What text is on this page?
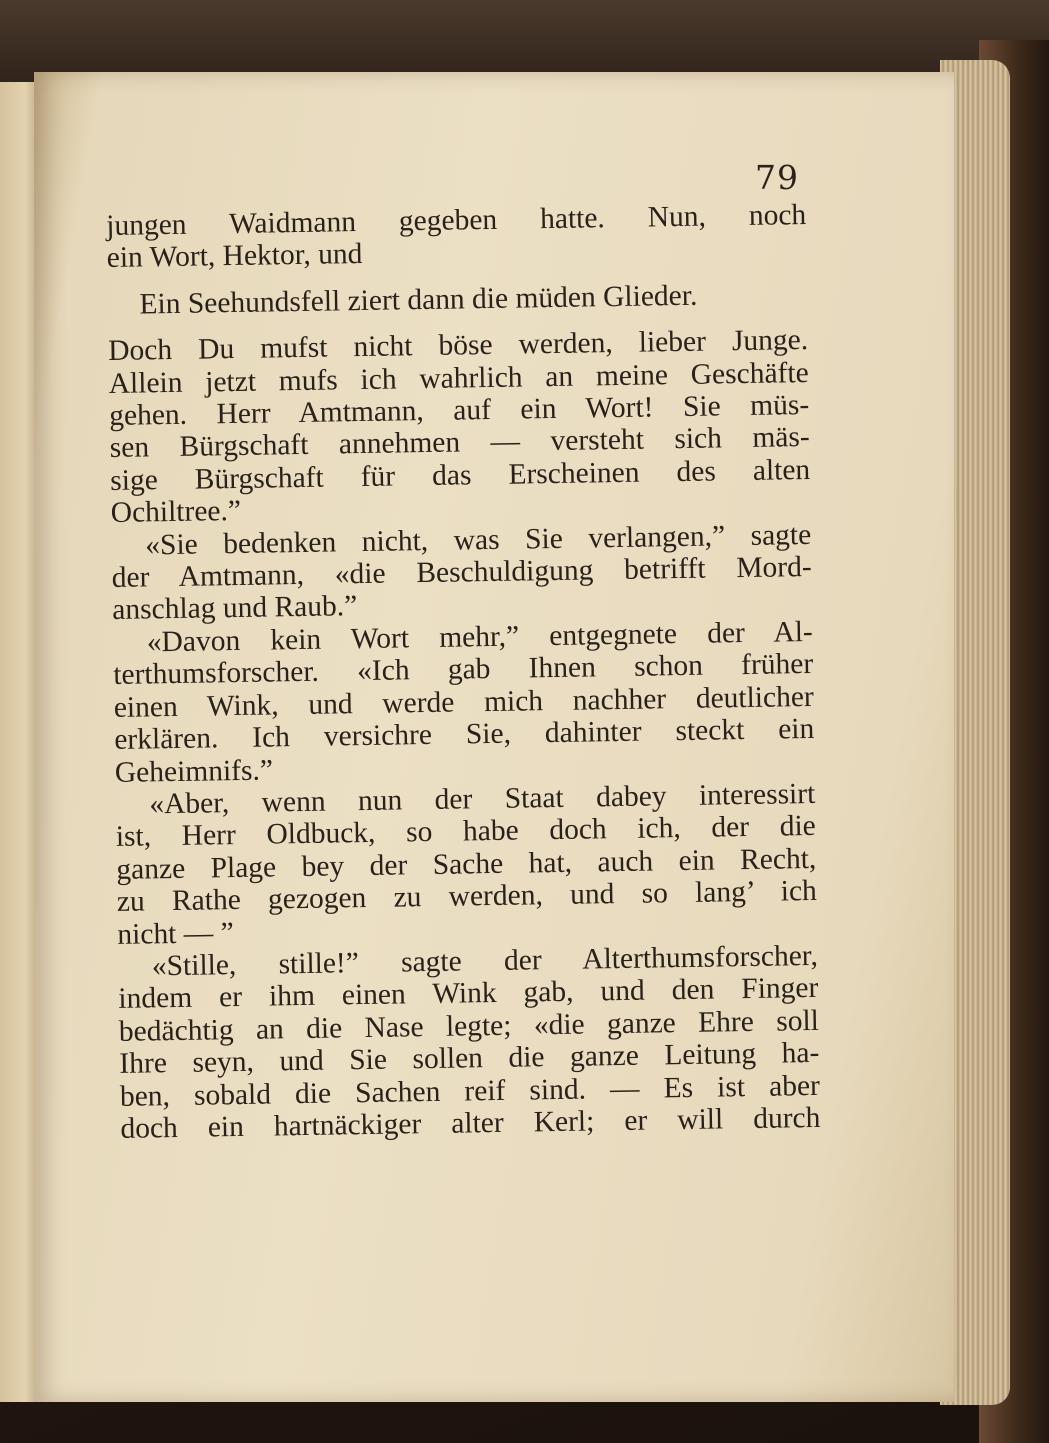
79
jungen Waidmann gegeben hatte. Nun, noch
ein Wort, Hektor, und
Ein Seehundsfell ziert dann die müden Glieder.
Doch Du mufst nicht böse werden, lieber Junge.
Allein jetzt mufs ich wahrlich an meine Geschäfte
gehen. Herr Amtmann, auf ein Wort! Sie müs-
sen Bürgschaft annehmen — versteht sich mäs-
sige Bürgschaft für das Erscheinen des alten
Ochiltree.”
«Sie bedenken nicht, was Sie verlangen,” sagte
der Amtmann, «die Beschuldigung betrifft Mord-
anschlag und Raub.”
«Davon kein Wort mehr,” entgegnete der Al-
terthumsforscher. «Ich gab Ihnen schon früher
einen Wink, und werde mich nachher deutlicher
erklären. Ich versichre Sie, dahinter steckt ein
Geheimnifs.”
«Aber, wenn nun der Staat dabey interessirt
ist, Herr Oldbuck, so habe doch ich, der die
ganze Plage bey der Sache hat, auch ein Recht,
zu Rathe gezogen zu werden, und so lang’ ich
nicht — ”
«Stille, stille!” sagte der Alterthumsforscher,
indem er ihm einen Wink gab, und den Finger
bedächtig an die Nase legte; «die ganze Ehre soll
Ihre seyn, und Sie sollen die ganze Leitung ha-
ben, sobald die Sachen reif sind. — Es ist aber
doch ein hartnäckiger alter Kerl; er will durch
